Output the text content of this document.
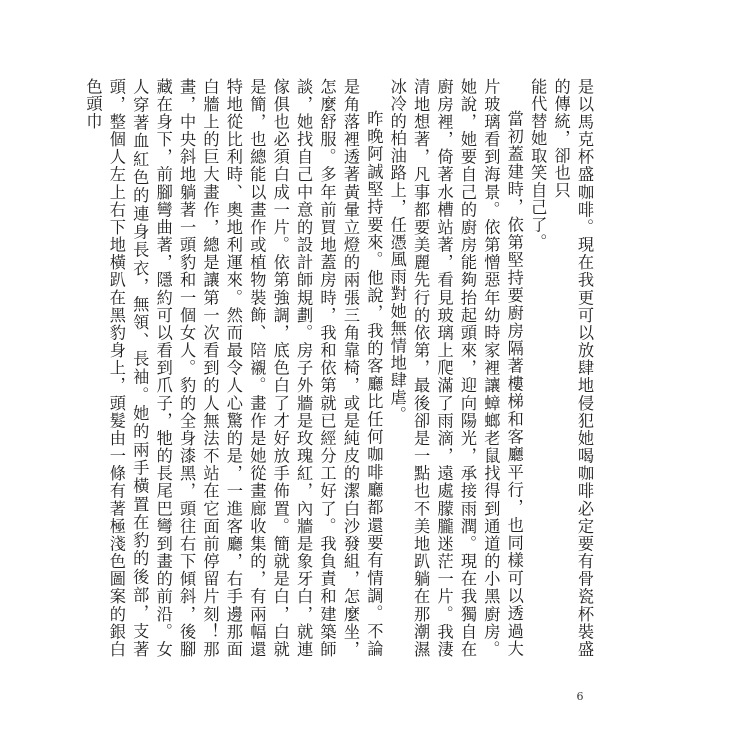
是以馬克杯盛咖啡。現在我更可以放肆地侵犯她喝咖啡必定要有骨瓷杯裝盛的傳統，卻也只

能代替她取笑自己了。

當初蓋建時，依第堅持要廚房隔著樓梯和客廳平行，也同樣可以透過大片玻璃看到海景。依第憎惡年幼時家裡讓蟑螂老鼠找得到通道的小黑廚房。她說，她要自己的廚房能夠抬起頭來，迎向陽光，承接雨潤。現在我獨自在廚房裡，倚著水槽站著，看見玻璃上爬滿了雨滴，遠處朦朧迷茫一片。我淒清地想著，凡事都要美麗先行的依第，最後卻是一點也不美地趴躺在那潮濕冰冷的柏油路上，任憑風雨對她無情地肆虐。

昨晚阿誠堅持要來。他說，我的客廳比任何咖啡廳都還要有情調。不論是角落裡透著黃暈立燈的兩張三角靠椅，或是純皮的潔白沙發組，怎麼坐，怎麼舒服。多年前買地蓋房時，我和依第就已經分工好了。我負責和建築師談，她找自己中意的設計師規劃。房子外牆是玫瑰紅，內牆是象牙白，就連傢俱也必須白成一片。依第強調，底色白了才好放手佈置。簡就是白，白就是簡，也總能以畫作或植物裝飾、陪襯。畫作是她從畫廊收集的，有兩幅還特地從比利時、奧地利運來。然而最令人心驚的是，一進客廳，右手邊那面白牆上的巨大畫作，總是讓第一次看到的人無法不站在它面前停留片刻！那畫，中央斜地躺著一頭豹和一個女人。豹的全身漆黑，頭往右下傾斜，後腳藏在身下，前腳彎曲著，隱約可以看到爪子，牠的長尾巴彎到畫的前沿。女人穿著血紅色的連身長衣，無領、長袖。她的兩手橫置在豹的後部，支著頭，整個人左上右下地橫趴在黑豹身上，頭髮由一條有著極淺色圖案的銀白色頭巾

6
